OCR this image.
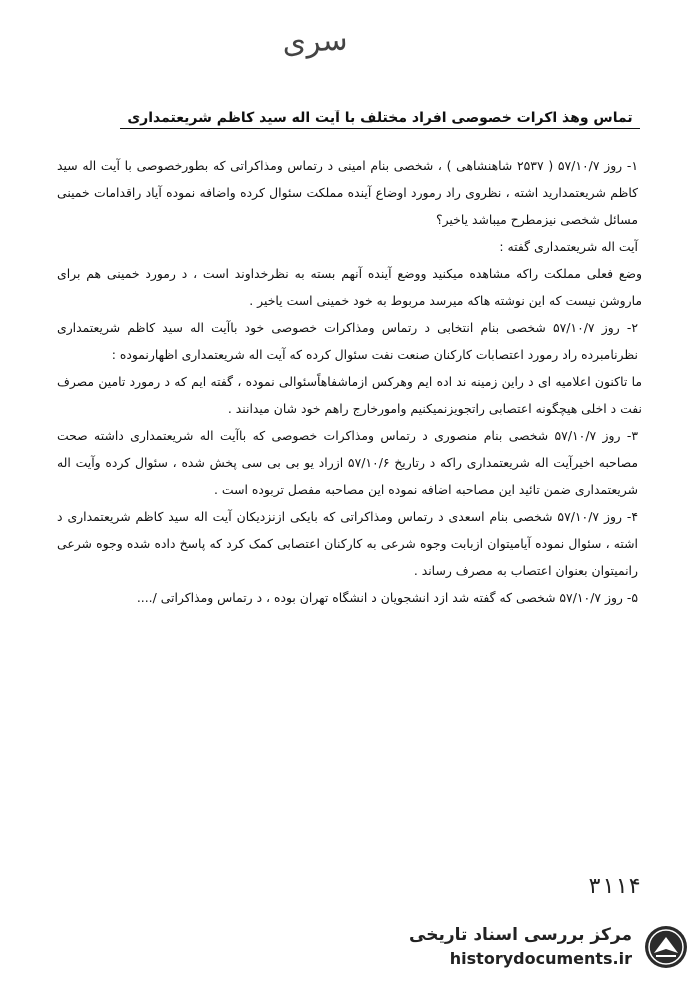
سری
تماس وهذ اکرات خصوصی افراد مختلف با آیت اله سید کاظم شریعتمداری

۱- روز ۵۷/۱۰/۷ ( ۲۵۳۷ شاهنشاهی ) ، شخصی بنام امینی د رتماس ومذاکراتی که بطورخصوصی با آیت اله سید کاظم شریعتمدارید اشته ، نظروی راد رمورد اوضاع آینده مملکت سئوال کرده واضافه نموده آیاد راقدامات خمینی مسائل شخصی نیزمطرح میباشد یاخیر؟

آیت اله شریعتمداری گفته :

وضع فعلی مملکت راکه مشاهده میکنید ووضع آینده آنهم بسته به نظرخداوند است ، د رمورد خمینی هم برای ماروشن نیست که این نوشته هاکه میرسد مربوط به خود خمینی است یاخیر .

۲- روز ۵۷/۱۰/۷ شخصی بنام انتخابی د رتماس ومذاکرات خصوصی خود باآیت اله سید کاظم شریعتمداری نظرنامبرده راد رمورد اعتصابات کارکنان صنعت نفت سئوال کرده که آیت اله شریعتمداری اظهارنموده :

ما تاکنون اعلامیه ای د راین زمینه ند اده ایم وهرکس ازماشفاهاًسئوالی نموده ، گفته ایم که د رمورد تامین مصرف نفت د اخلی هیچگونه اعتصابی راتجویزنمیکنیم وامورخارج راهم خود شان میدانند .

۳- روز ۵۷/۱۰/۷ شخصی بنام منصوری د رتماس ومذاکرات خصوصی که باآیت اله شریعتمداری داشته صحت مصاحبه اخیرآیت اله شریعتمداری راکه د رتاریخ ۵۷/۱۰/۶ ازراد یو بی بی سی پخش شده ، سئوال کرده وآیت اله شریعتمداری ضمن تائید این مصاحبه اضافه نموده این مصاحبه مفصل تربوده است .

۴- روز ۵۷/۱۰/۷ شخصی بنام اسعدی د رتماس ومذاکراتی که بایکی ازنزدیکان آیت اله سید کاظم شریعتمداری د اشته ، سئوال نموده آیامیتوان ازبابت وجوه شرعی به کارکنان اعتصابی کمک کرد که پاسخ داده شده وجوه شرعی رانمیتوان بعنوان اعتصاب به مصرف رساند .

۵- روز ۵۷/۱۰/۷ شخصی که گفته شد ازد انشجویان د انشگاه تهران بوده ، د رتماس ومذاکراتی /....

۳۱۱۴
مرکز بررسی اسناد تاریخی
historydocuments.ir
